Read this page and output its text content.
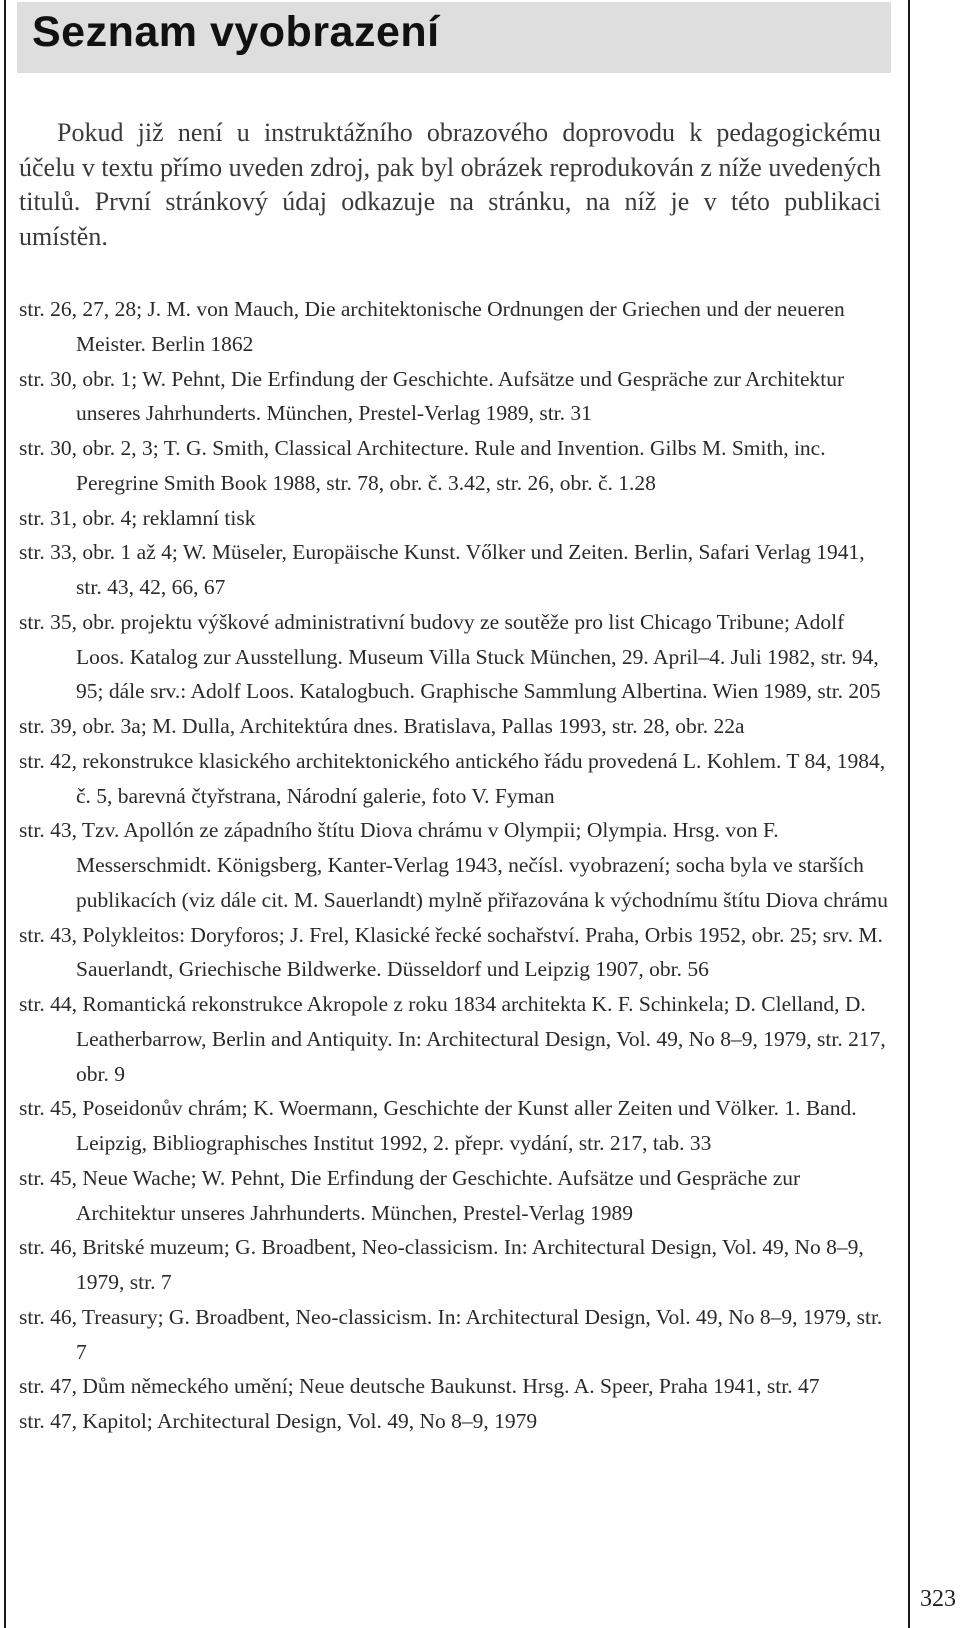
Seznam vyobrazení

Pokud již není u instruktážního obrazového doprovodu k pedagogickému účelu v textu přímo uveden zdroj, pak byl obrázek reprodukován z níže uvedených titulů. První stránkový údaj odkazuje na stránku, na níž je v této publikaci umístěn.

str. 26, 27, 28; J. M. von Mauch, Die architektonische Ordnungen der Griechen und der neueren Meister. Berlin 1862
str. 30, obr. 1; W. Pehnt, Die Erfindung der Geschichte. Aufsätze und Gespräche zur Architektur unseres Jahrhunderts. München, Prestel-Verlag 1989, str. 31
str. 30, obr. 2, 3; T. G. Smith, Classical Architecture. Rule and Invention. Gilbs M. Smith, inc. Peregrine Smith Book 1988, str. 78, obr. č. 3.42, str. 26, obr. č. 1.28
str. 31, obr. 4; reklamní tisk
str. 33, obr. 1 až 4; W. Müseler, Europäische Kunst. Vőlker und Zeiten. Berlin, Safari Verlag 1941, str. 43, 42, 66, 67
str. 35, obr. projektu výškové administrativní budovy ze soutěže pro list Chicago Tribune; Adolf Loos. Katalog zur Ausstellung. Museum Villa Stuck München, 29. April–4. Juli 1982, str. 94, 95; dále srv.: Adolf Loos. Katalogbuch. Graphische Sammlung Albertina. Wien 1989, str. 205
str. 39, obr. 3a; M. Dulla, Architektúra dnes. Bratislava, Pallas 1993, str. 28, obr. 22a
str. 42, rekonstrukce klasického architektonického antického řádu provedená L. Kohlem. T 84, 1984, č. 5, barevná čtyřstrana, Národní galerie, foto V. Fyman
str. 43, Tzv. Apollón ze západního štítu Diova chrámu v Olympii; Olympia. Hrsg. von F. Messerschmidt. Königsberg, Kanter-Verlag 1943, nečísl. vyobrazení; socha byla ve starších publikacích (viz dále cit. M. Sauerlandt) mylně přiřazována k východnímu štítu Diova chrámu
str. 43, Polykleitos: Doryforos; J. Frel, Klasické řecké sochařství. Praha, Orbis 1952, obr. 25; srv. M. Sauerlandt, Griechische Bildwerke. Düsseldorf und Leipzig 1907, obr. 56
str. 44, Romantická rekonstrukce Akropole z roku 1834 architekta K. F. Schinkela; D. Clelland, D. Leatherbarrow, Berlin and Antiquity. In: Architectural Design, Vol. 49, No 8–9, 1979, str. 217, obr. 9
str. 45, Poseidonův chrám; K. Woermann, Geschichte der Kunst aller Zeiten und Völker. 1. Band. Leipzig, Bibliographisches Institut 1992, 2. přepr. vydání, str. 217, tab. 33
str. 45, Neue Wache; W. Pehnt, Die Erfindung der Geschichte. Aufsätze und Gespräche zur Architektur unseres Jahrhunderts. München, Prestel-Verlag 1989
str. 46, Britské muzeum; G. Broadbent, Neo-classicism. In: Architectural Design, Vol. 49, No 8–9, 1979, str. 7
str. 46, Treasury; G. Broadbent, Neo-classicism. In: Architectural Design, Vol. 49, No 8–9, 1979, str. 7
str. 47, Dům německého umění; Neue deutsche Baukunst. Hrsg. A. Speer, Praha 1941, str. 47
str. 47, Kapitol; Architectural Design, Vol. 49, No 8–9, 1979
323
